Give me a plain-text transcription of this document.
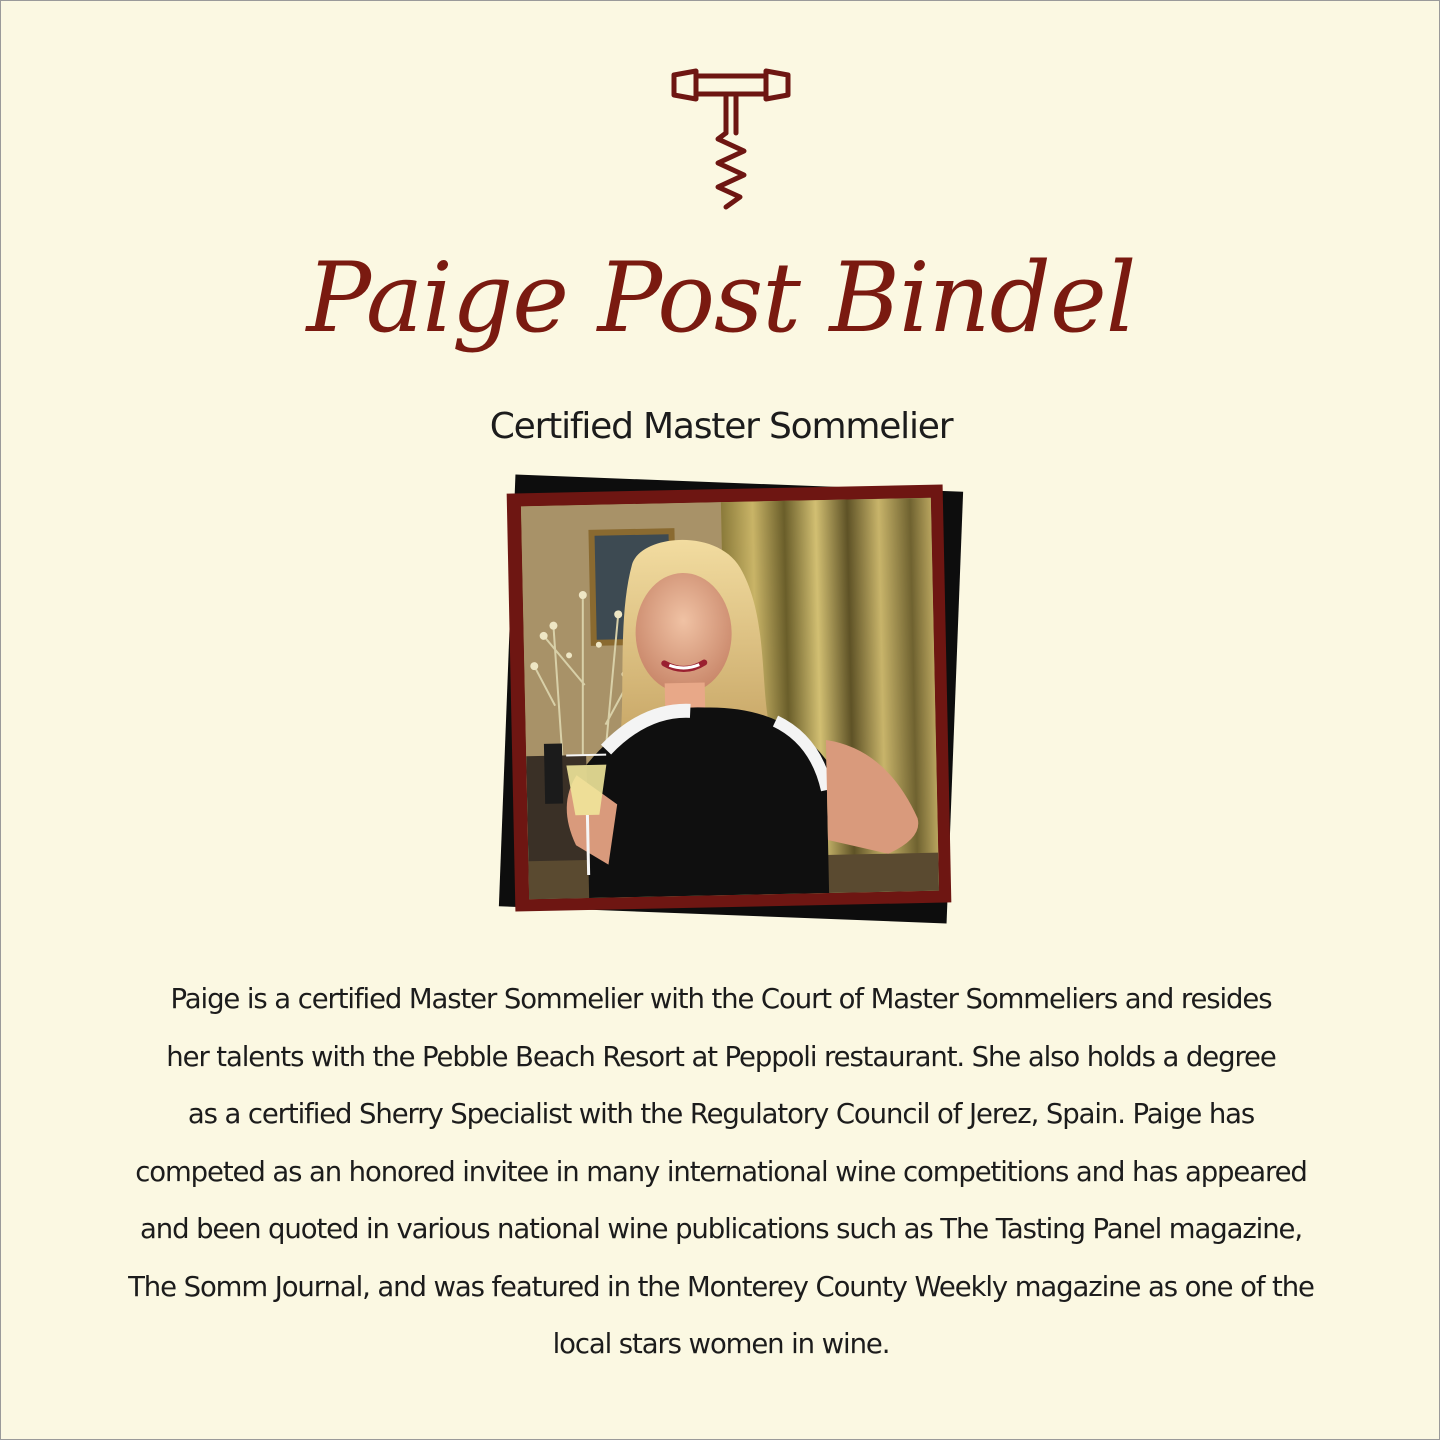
Paige Post Bindel
Certified Master Sommelier
Paige is a certified Master Sommelier with the Court of Master Sommeliers and resides
her talents with the Pebble Beach Resort at Peppoli restaurant. She also holds a degree
as a certified Sherry Specialist with the Regulatory Council of Jerez, Spain. Paige has
competed as an honored invitee in many international wine competitions and has appeared
and been quoted in various national wine publications such as The Tasting Panel magazine,
The Somm Journal, and was featured in the Monterey County Weekly magazine as one of the
local stars women in wine.
